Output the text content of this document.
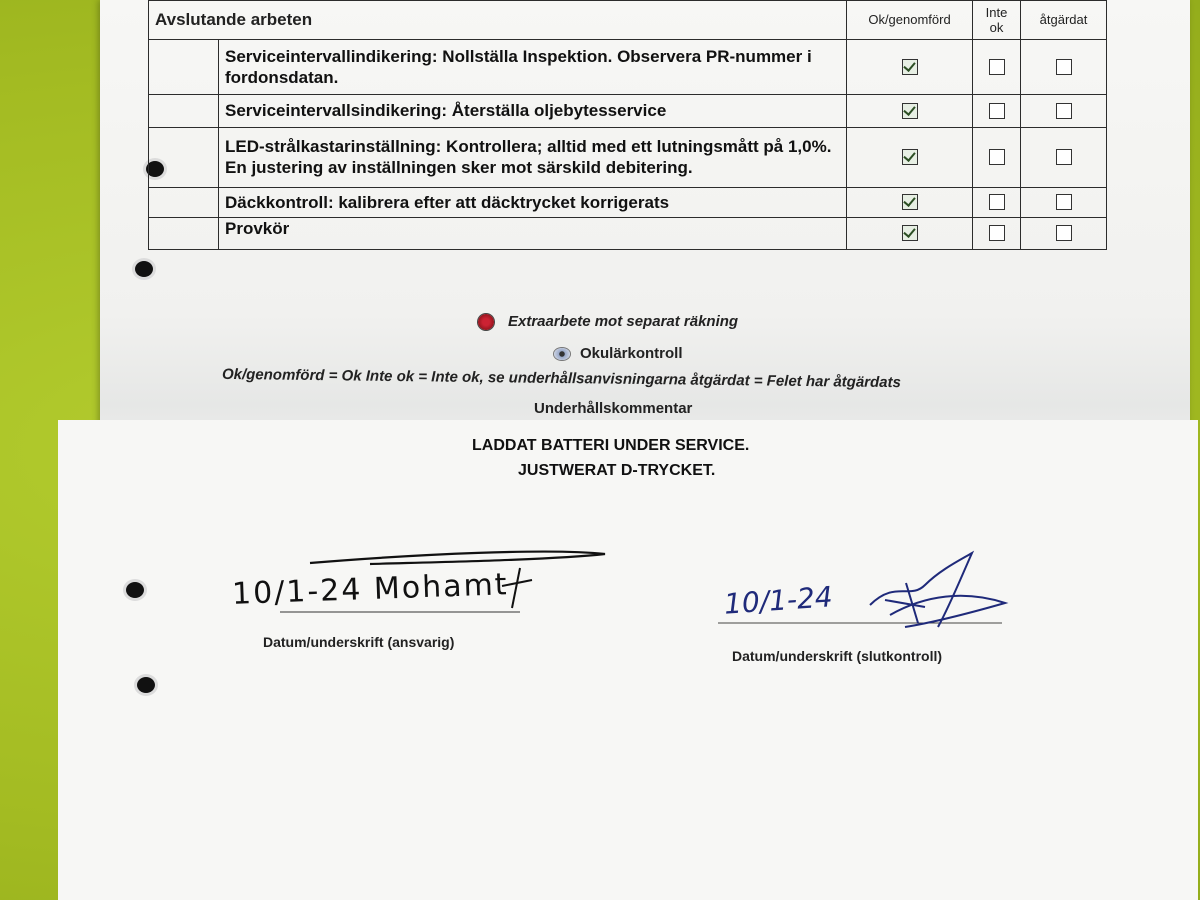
Avslutande arbeten		Ok/genomförd	Inte ok	åtgärdat
	Serviceintervallindikering: Nollställa Inspektion. Observera PR-nummer i fordonsdatan.			
	Serviceintervallsindikering: Återställa oljebytesservice			
	LED-strålkastarinställning: Kontrollera; alltid med ett lutningsmått på 1,0%. En justering av inställningen sker mot särskild debitering.			
	Däckkontroll: kalibrera efter att däcktrycket korrigerats			
	Provkör			
Extraarbete mot separat räkning
Okulärkontroll
Ok/genomförd = Ok Inte ok = Inte ok, se underhållsanvisningarna åtgärdat = Felet har åtgärdats
Underhållskommentar
LADDAT BATTERI UNDER SERVICE.
JUSTWERAT D-TRYCKET.
10/1-24 Mohamt
Datum/underskrift (ansvarig)
10/1-24
Datum/underskrift (slutkontroll)
